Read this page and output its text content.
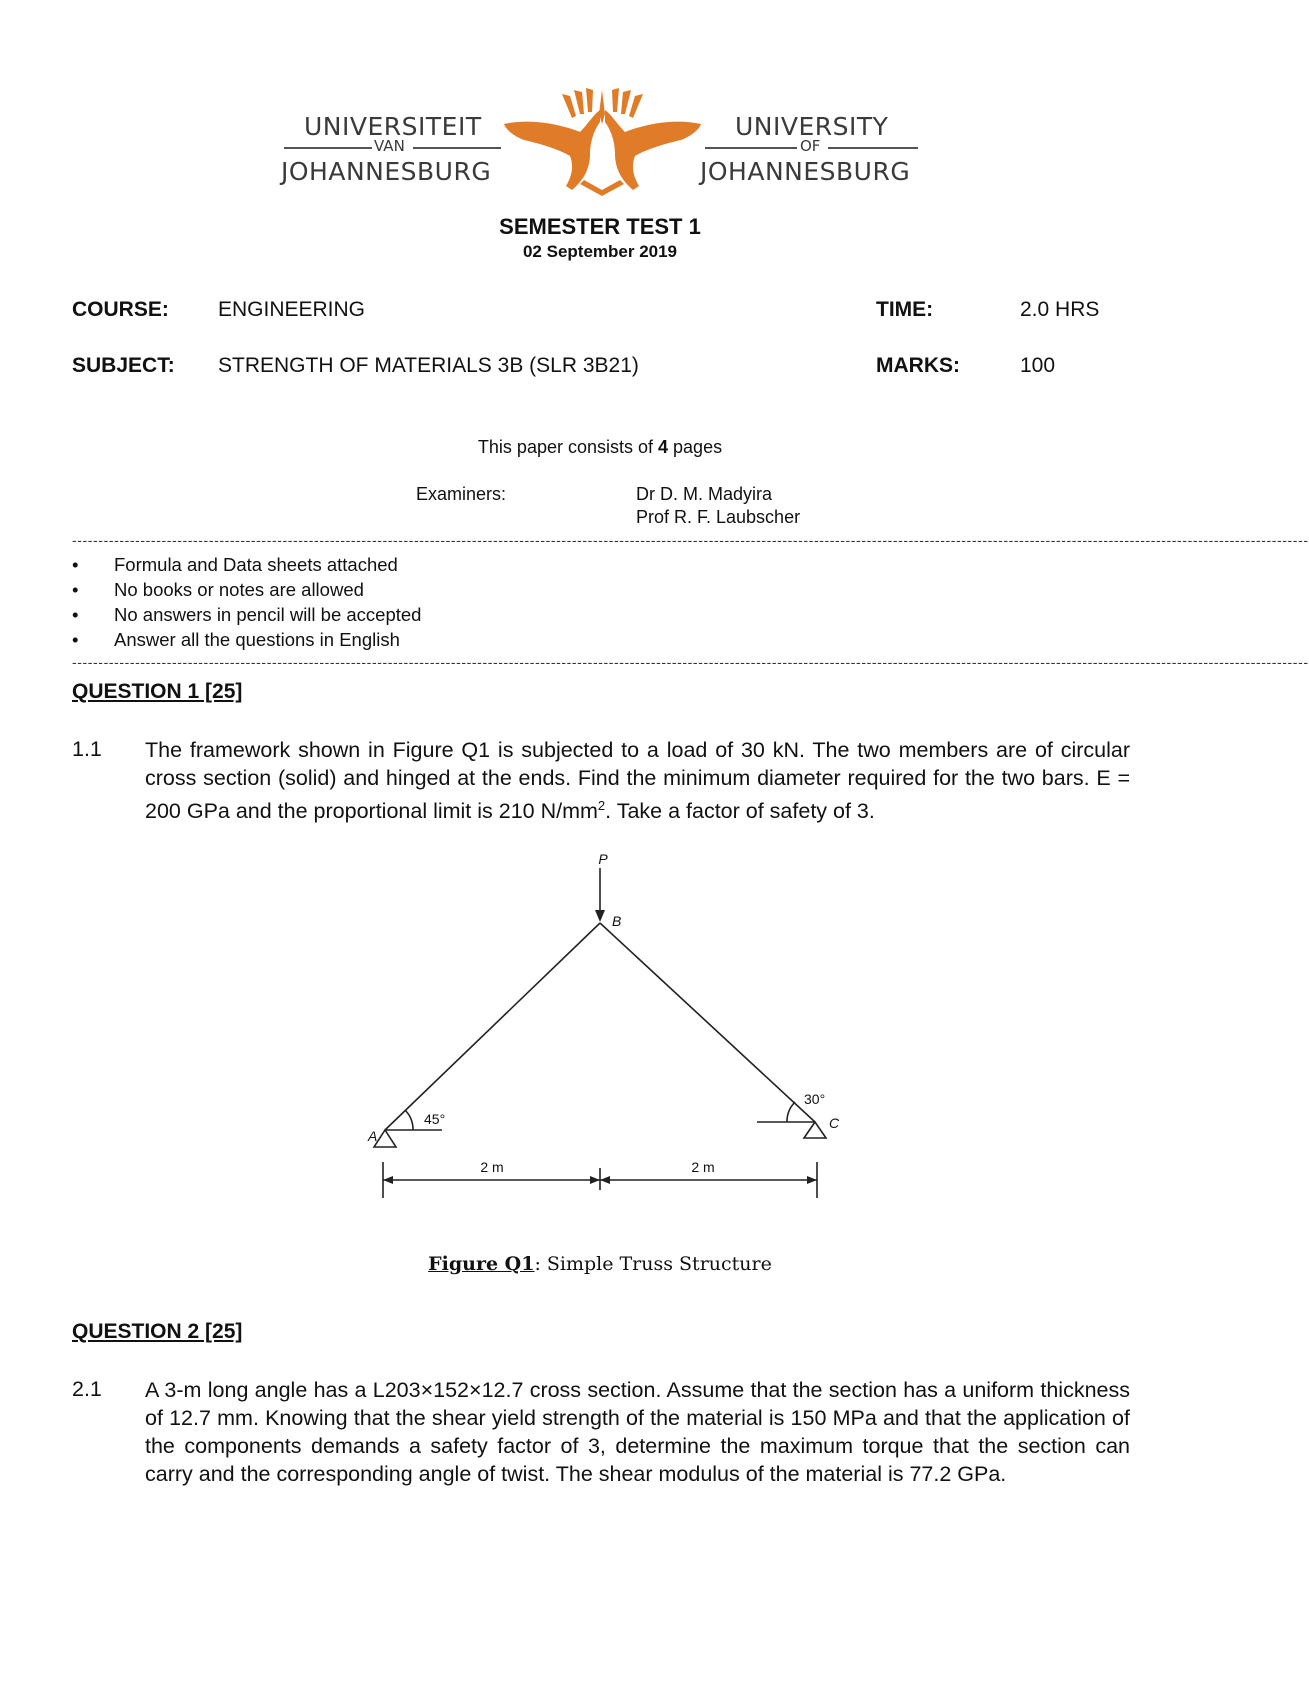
UNIVERSITEIT
VAN
JOHANNESBURG
UNIVERSITY
OF
JOHANNESBURG
SEMESTER TEST 1
02 September 2019
COURSE: ENGINEERING	TIME:	2.0 HRS
SUBJECT: STRENGTH OF MATERIALS 3B (SLR 3B21)	MARKS:	100
This paper consists of 4 pages
Examiners:	Dr D. M. Madyira
Prof R. F. Laubscher
-------------------------------------------------------------------------------------------------------------------------------------------------------------------------------------------------------------------------------------------
• Formula and Data sheets attached
• No books or notes are allowed
• No answers in pencil will be accepted
• Answer all the questions in English
-------------------------------------------------------------------------------------------------------------------------------------------------------------------------------------------------------------------------------------------
QUESTION 1 [25]
1.1 The framework shown in Figure Q1 is subjected to a load of 30 kN. The two members are of circular cross section (solid) and hinged at the ends. Find the minimum diameter required for the two bars. E = 200 GPa and the proportional limit is 210 $N/mm^2$. Take a factor of safety of 3.
P
B
A
C
45°
30°
2 m	2 m
Figure Q1: Simple Truss Structure
QUESTION 2 [25]
2.1 A 3-m long angle has a L203×152×12.7 cross section. Assume that the section has a uniform thickness of 12.7 mm. Knowing that the shear yield strength of the material is 150 MPa and that the application of the components demands a safety factor of 3, determine the maximum torque that the section can carry and the corresponding angle of twist. The shear modulus of the material is 77.2 GPa.
